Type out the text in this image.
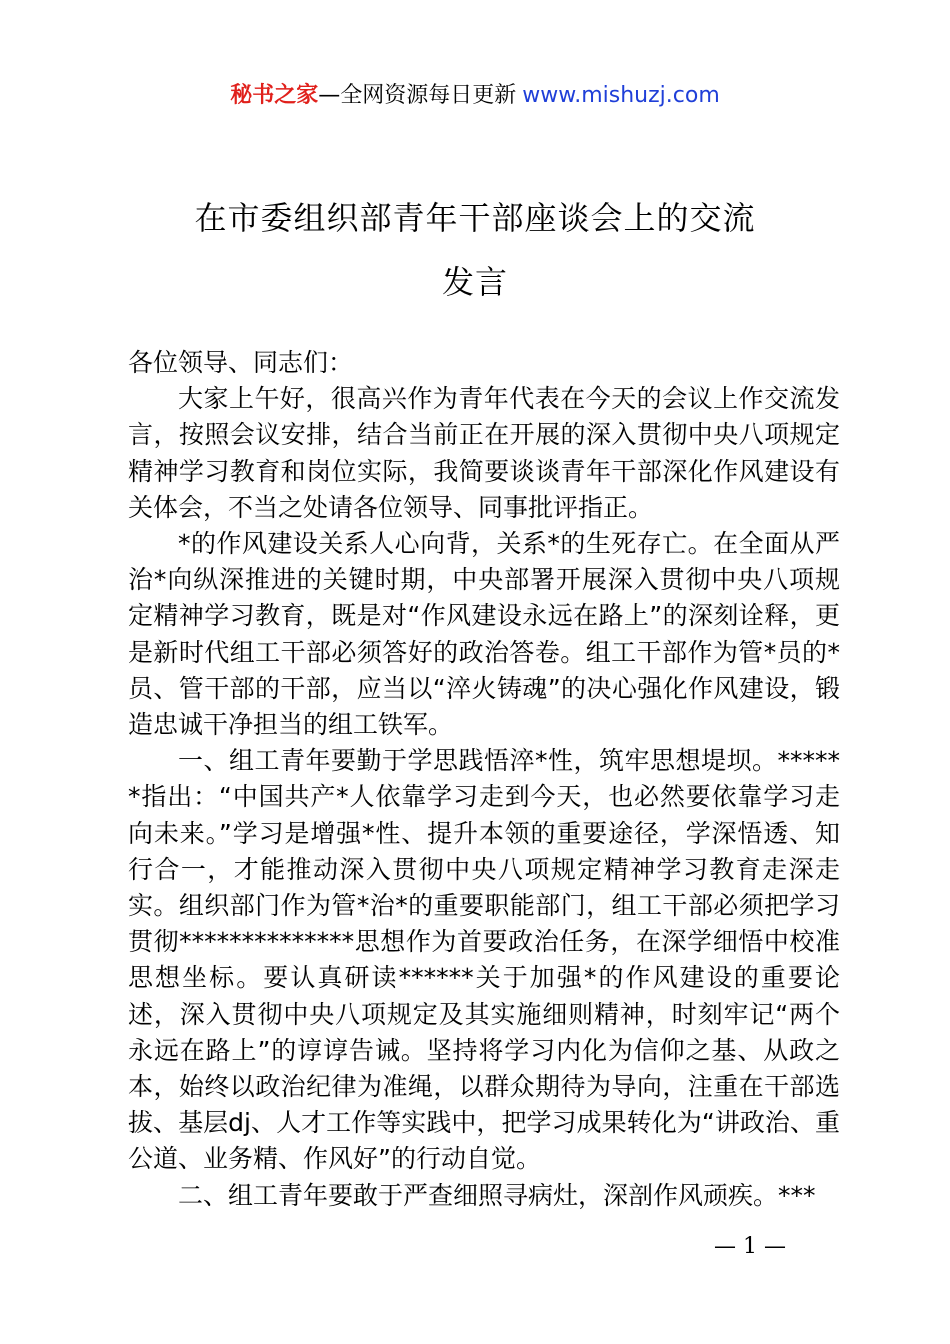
秘书之家—全网资源每日更新 www.mishuzj.com
在市委组织部青年干部座谈会上的交流
发言

各位领导、同志们：

大家上午好，很高兴作为青年代表在今天的会议上作交流发言，按照会议安排，结合当前正在开展的深入贯彻中央八项规定精神学习教育和岗位实际，我简要谈谈青年干部深化作风建设有关体会，不当之处请各位领导、同事批评指正。

*的作风建设关系人心向背，关系*的生死存亡。在全面从严治*向纵深推进的关键时期，中央部署开展深入贯彻中央八项规定精神学习教育，既是对“作风建设永远在路上”的深刻诠释，更是新时代组工干部必须答好的政治答卷。组工干部作为管*员的*员、管干部的干部，应当以“淬火铸魂”的决心强化作风建设，锻造忠诚干净担当的组工铁军。

一、组工青年要勤于学思践悟淬*性，筑牢思想堤坝。******指出：“中国共产*人依靠学习走到今天，也必然要依靠学习走向未来。”学习是增强*性、提升本领的重要途径，学深悟透、知行合一，才能推动深入贯彻中央八项规定精神学习教育走深走实。组织部门作为管*治*的重要职能部门，组工干部必须把学习贯彻**************思想作为首要政治任务，在深学细悟中校准思想坐标。要认真研读******关于加强*的作风建设的重要论述，深入贯彻中央八项规定及其实施细则精神，时刻牢记“两个永远在路上”的谆谆告诫。坚持将学习内化为信仰之基、从政之本，始终以政治纪律为准绳，以群众期待为导向，注重在干部选拔、基层dj、人才工作等实践中，把学习成果转化为“讲政治、重公道、业务精、作风好”的行动自觉。

二、组工青年要敢于严查细照寻病灶，深剖作风顽疾。***

— 1 —
